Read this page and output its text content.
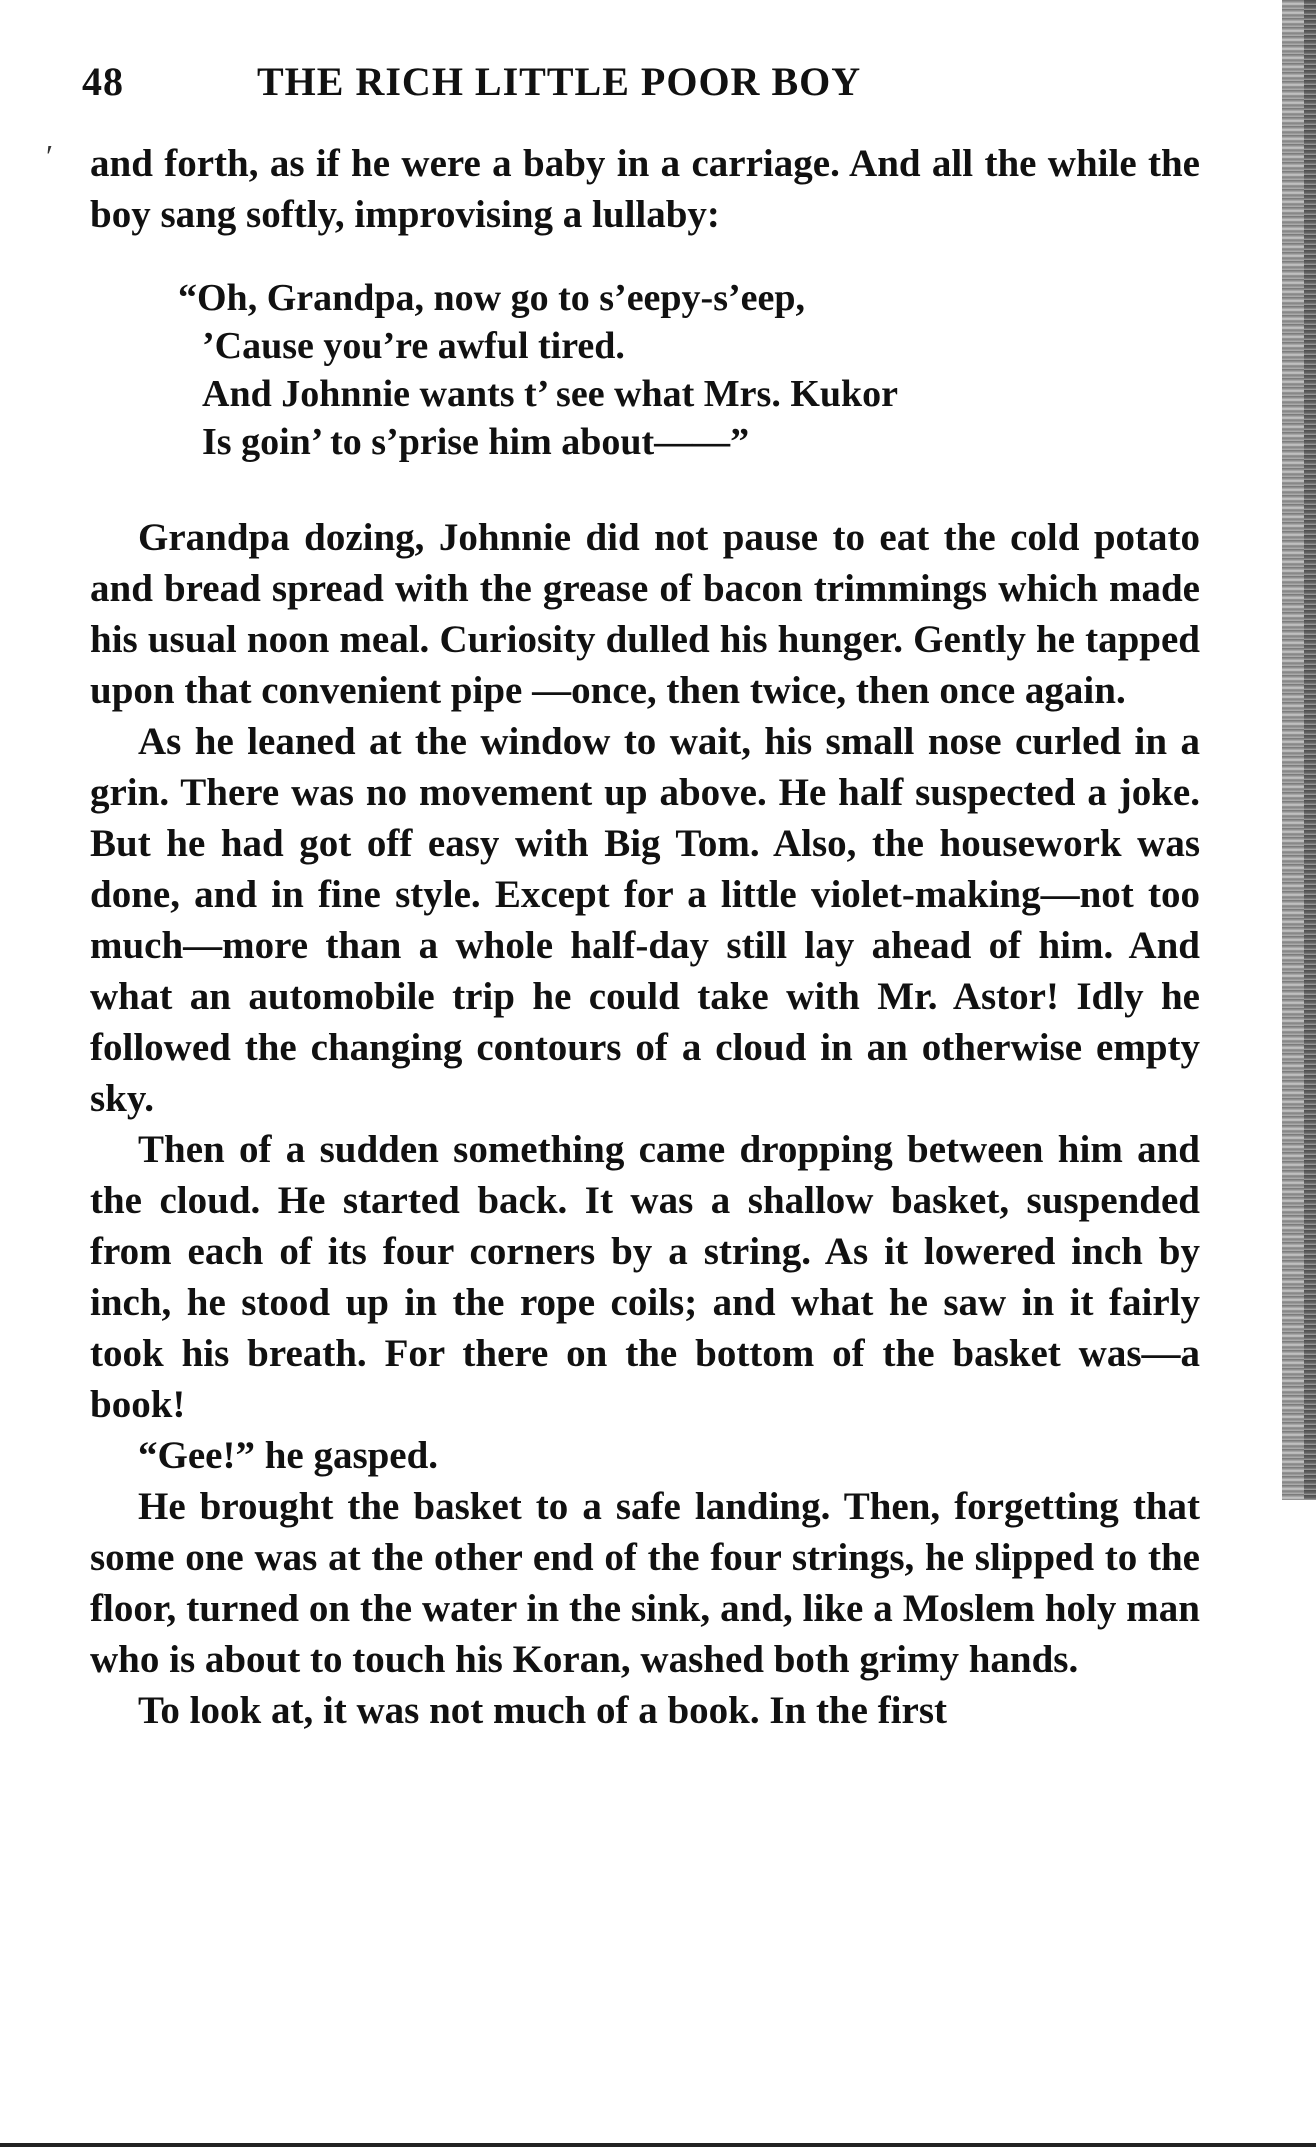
48	THE RICH LITTLE POOR BOY
′ and forth, as if he were a baby in a carriage. And all the while the boy sang softly, improvising a lullaby:

“Oh, Grandpa, now go to s’eepy-s’eep,
’Cause you’re awful tired.
And Johnnie wants t’ see what Mrs. Kukor
Is goin’ to s’prise him about——”

Grandpa dozing, Johnnie did not pause to eat the cold potato and bread spread with the grease of bacon trimmings which made his usual noon meal. Curiosity dulled his hunger. Gently he tapped upon that convenient pipe —once, then twice, then once again.

As he leaned at the window to wait, his small nose curled in a grin. There was no movement up above. He half suspected a joke. But he had got off easy with Big Tom. Also, the housework was done, and in fine style. Except for a little violet-making—not too much—more than a whole half-day still lay ahead of him. And what an automobile trip he could take with Mr. Astor! Idly he followed the changing contours of a cloud in an otherwise empty sky.

Then of a sudden something came dropping between him and the cloud. He started back. It was a shallow basket, suspended from each of its four corners by a string. As it lowered inch by inch, he stood up in the rope coils; and what he saw in it fairly took his breath. For there on the bottom of the basket was—a book!

“Gee!” he gasped.

He brought the basket to a safe landing. Then, forgetting that some one was at the other end of the four strings, he slipped to the floor, turned on the water in the sink, and, like a Moslem holy man who is about to touch his Koran, washed both grimy hands.

To look at, it was not much of a book. In the first
